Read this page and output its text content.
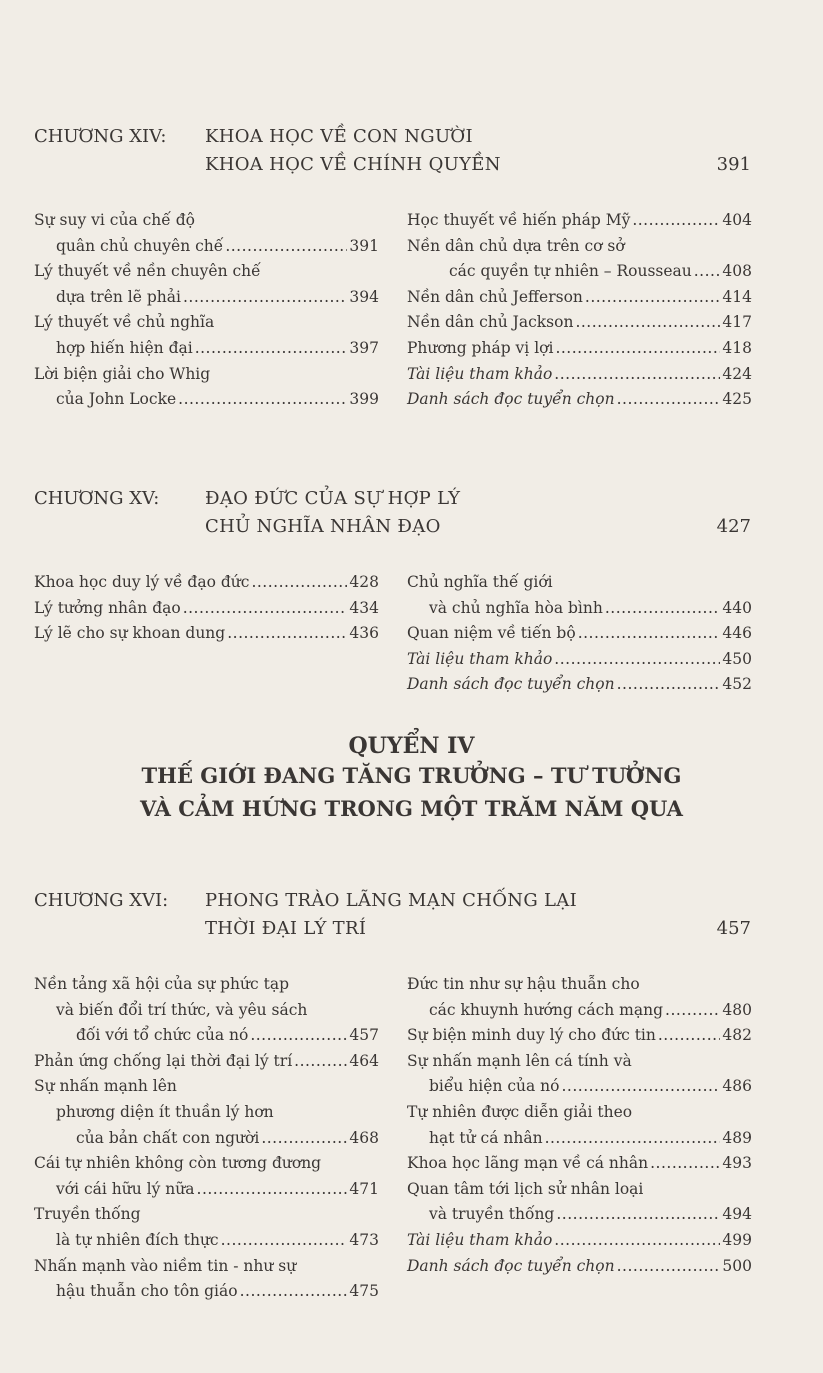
CHƯƠNG XIV: KHOA HỌC VỀ CON NGƯỜI
KHOA HỌC VỀ CHÍNH QUYỀN	391
Sự suy vi của chế độ
quân chủ chuyên chế .....	391
Lý thuyết về nền chuyên chế
dựa trên lẽ phải .....	394
Lý thuyết về chủ nghĩa
hợp hiến hiện đại .....	397
Lời biện giải cho Whig
của John Locke .....	399
Học thuyết về hiến pháp Mỹ .....	404
Nền dân chủ dựa trên cơ sở
các quyền tự nhiên – Rousseau ..... 408
Nền dân chủ Jefferson .....	414
Nền dân chủ Jackson .....	417
Phương pháp vị lợi .....	418
Tài liệu tham khảo .....	424
Danh sách đọc tuyển chọn .....	425
CHƯƠNG XV:	ĐẠO ĐỨC CỦA SỰ HỢP LÝ
CHỦ NGHĨA NHÂN ĐẠO	427
Khoa học duy lý về đạo đức .....	428
Lý tưởng nhân đạo .....	434
Lý lẽ cho sự khoan dung .....	436
Chủ nghĩa thế giới
và chủ nghĩa hòa bình .....	440
Quan niệm về tiến bộ .....	446
Tài liệu tham khảo .....	450
Danh sách đọc tuyển chọn .....	452
QUYỂN IV
THẾ GIỚI ĐANG TĂNG TRƯỞNG – TƯ TƯỞNG
VÀ CẢM HỨNG TRONG MỘT TRĂM NĂM QUA
CHƯƠNG XVI: PHONG TRÀO LÃNG MẠN CHỐNG LẠI
THỜI ĐẠI LÝ TRÍ	457
Nền tảng xã hội của sự phức tạp
và biến đổi trí thức, và yêu sách
đối với tổ chức của nó .....	457
Phản ứng chống lại thời đại lý trí .....	464
Sự nhấn mạnh lên
phương diện ít thuần lý hơn
của bản chất con người .....	468
Cái tự nhiên không còn tương đương
với cái hữu lý nữa .....	471
Truyền thống
là tự nhiên đích thực .....	473
Nhấn mạnh vào niềm tin - như sự
hậu thuẫn cho tôn giáo .....	475
Đức tin như sự hậu thuẫn cho
các khuynh hướng cách mạng .....	480
Sự biện minh duy lý cho đức tin .....	482
Sự nhấn mạnh lên cá tính và
biểu hiện của nó .....	486
Tự nhiên được diễn giải theo
hạt tử cá nhân .....	489
Khoa học lãng mạn về cá nhân .....	493
Quan tâm tới lịch sử nhân loại
và truyền thống .....	494
Tài liệu tham khảo .....	499
Danh sách đọc tuyển chọn .....	500
